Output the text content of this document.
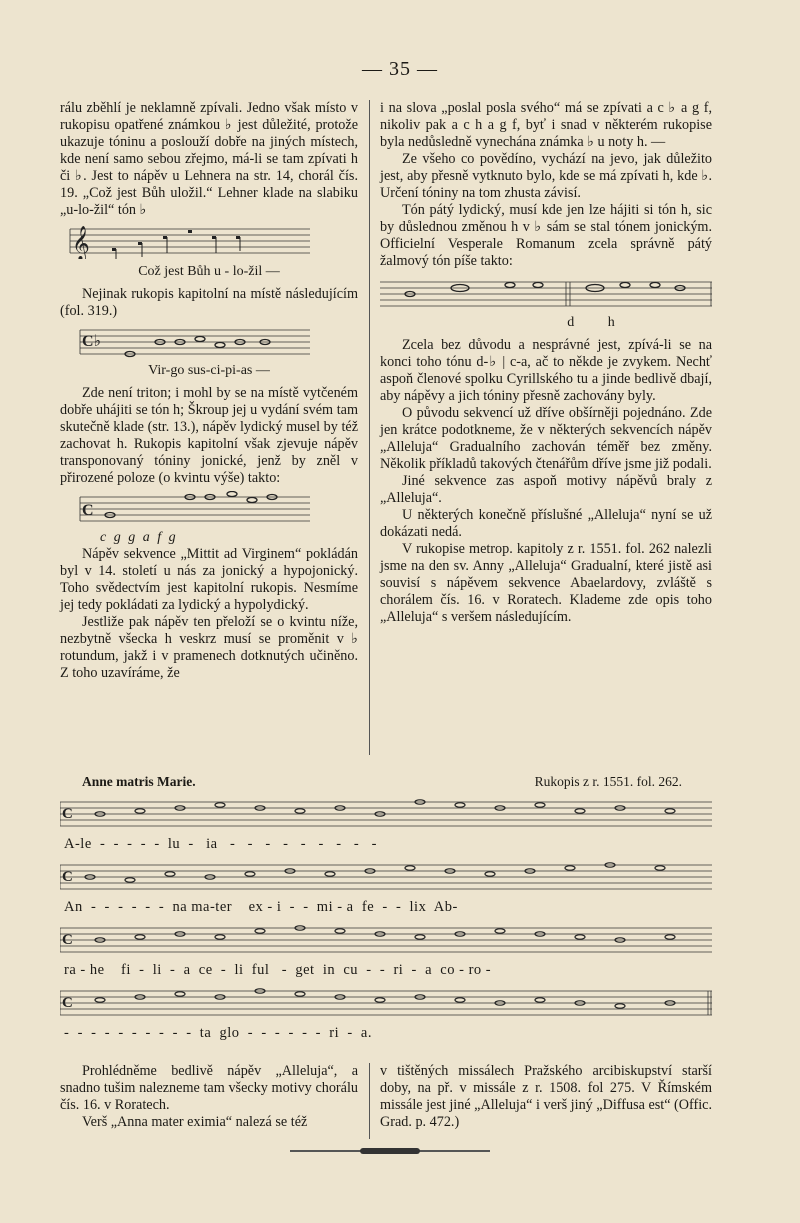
— 35 —

rálu zběhlí je neklamně zpívali. Jedno však místo v rukopisu opatřené známkou ♭ jest důležité, protože ukazuje tóninu a poslouží dobře na jiných místech, kde není samo sebou zřejmo, má-li se tam zpívati h či ♭. Jest to nápěv u Lehnera na str. 14, chorál čís. 19. „Což jest Bůh uložil.“ Lehner klade na slabiku „u-lo-žil“ tón ♭

𝄞
Což jest Bůh u - lo-žil —

Nejinak rukopis kapitolní na místě následujícím (fol. 319.)

C♭
Vir-go sus-ci-pi-as —

Zde není triton; i mohl by se na místě vytčeném dobře uhájiti se tón h; Škroup jej u vydání svém tam skutečně klade (str. 13.), nápěv lydický musel by též zachovat h. Rukopis kapitolní však zjevuje nápěv transponovaný tóniny jonické, jenž by zněl v přirozené poloze (o kvintu výše) takto:

C
c g g a f g

Nápěv sekvence „Mittit ad Virginem“ pokládán byl v 14. století u nás za jonický a hypojonický. Toho svědectvím jest kapitolní rukopis. Nesmíme jej tedy pokládati za lydický a hypolydický.

Jestliže pak nápěv ten přeloží se o kvintu níže, nezbytně všecka h veskrz musí se proměnit v ♭ rotundum, jakž i v pramenech dotknutých učiněno. Z toho uzavíráme, že

i na slova „poslal posla svého“ má se zpívati a c ♭ a g f, nikoliv pak a c h a g f, byť i snad v některém rukopise byla nedůsledně vynechána známka ♭ u noty h. —

Ze všeho co povědíno, vychází na jevo, jak důležito jest, aby přesně vytknuto bylo, kde se má zpívati h, kde ♭. Určení tóniny na tom zhusta závisí.

Tón pátý lydický, musí kde jen lze hájiti si tón h, sic by důslednou změnou h v ♭ sám se stal tónem jonickým. Officielní Vesperale Romanum zcela správně pátý žalmový tón píše takto:

d h

Zcela bez důvodu a nesprávné jest, zpívá-li se na konci toho tónu d-♭ | c-a, ač to někde je zvykem. Nechť aspoň členové spolku Cyrillského tu a jinde bedlivě dbají, aby nápěvy a jich tóniny přesně zachovány byly.

O původu sekvencí už dříve obšírněji pojednáno. Zde jen krátce podotkneme, že v některých sekvencích nápěv „Alleluja“ Gradualního zachován téměř bez změny. Několik příkladů takových čtenářům dříve jsme již podali.

Jiné sekvence zas aspoň motivy nápěvů braly z „Alleluja“.

U některých konečně příslušné „Alleluja“ nyní se už dokázati nedá.

V rukopise metrop. kapitoly z r. 1551. fol. 262 nalezli jsme na den sv. Anny „Alleluja“ Gradualní, které jistě asi souvisí s nápěvem sekvence Abaelardovy, zvláště s chorálem čís. 16. v Roratech. Klademe zde opis toho „Alleluja“ s veršem následujícím.

Anne matris Marie.	Rukopis z r. 1551. fol. 262.
C
A-le  -  -  -  -  -  lu  -   ia   -   -   -   -   -   -   -   -   -
C
An  -  -  -  -  -  -  na ma-ter    ex - i  -  -  mi - a  fe  -  -  lix  Ab-
C
ra - he    fi  -  li  -  a  ce  -  li  ful   -  get  in  cu  -  -  ri  -  a  co - ro -
C
-  -  -  -  -  -  -  -  -  -  ta  glo  -  -  -  -  -  -  ri  -  a.

Prohlédněme bedlivě nápěv „Alleluja“, a snadno tušim nalezneme tam všecky motivy chorálu čís. 16. v Roratech.

Verš „Anna mater eximia“ nalezá se též

v tištěných missálech Pražského arcibiskupství starší doby, na př. v missále z r. 1508. fol 275. V Římském missále jest jiné „Alleluja“ i verš jiný „Diffusa est“ (Offic. Grad. p. 472.)
